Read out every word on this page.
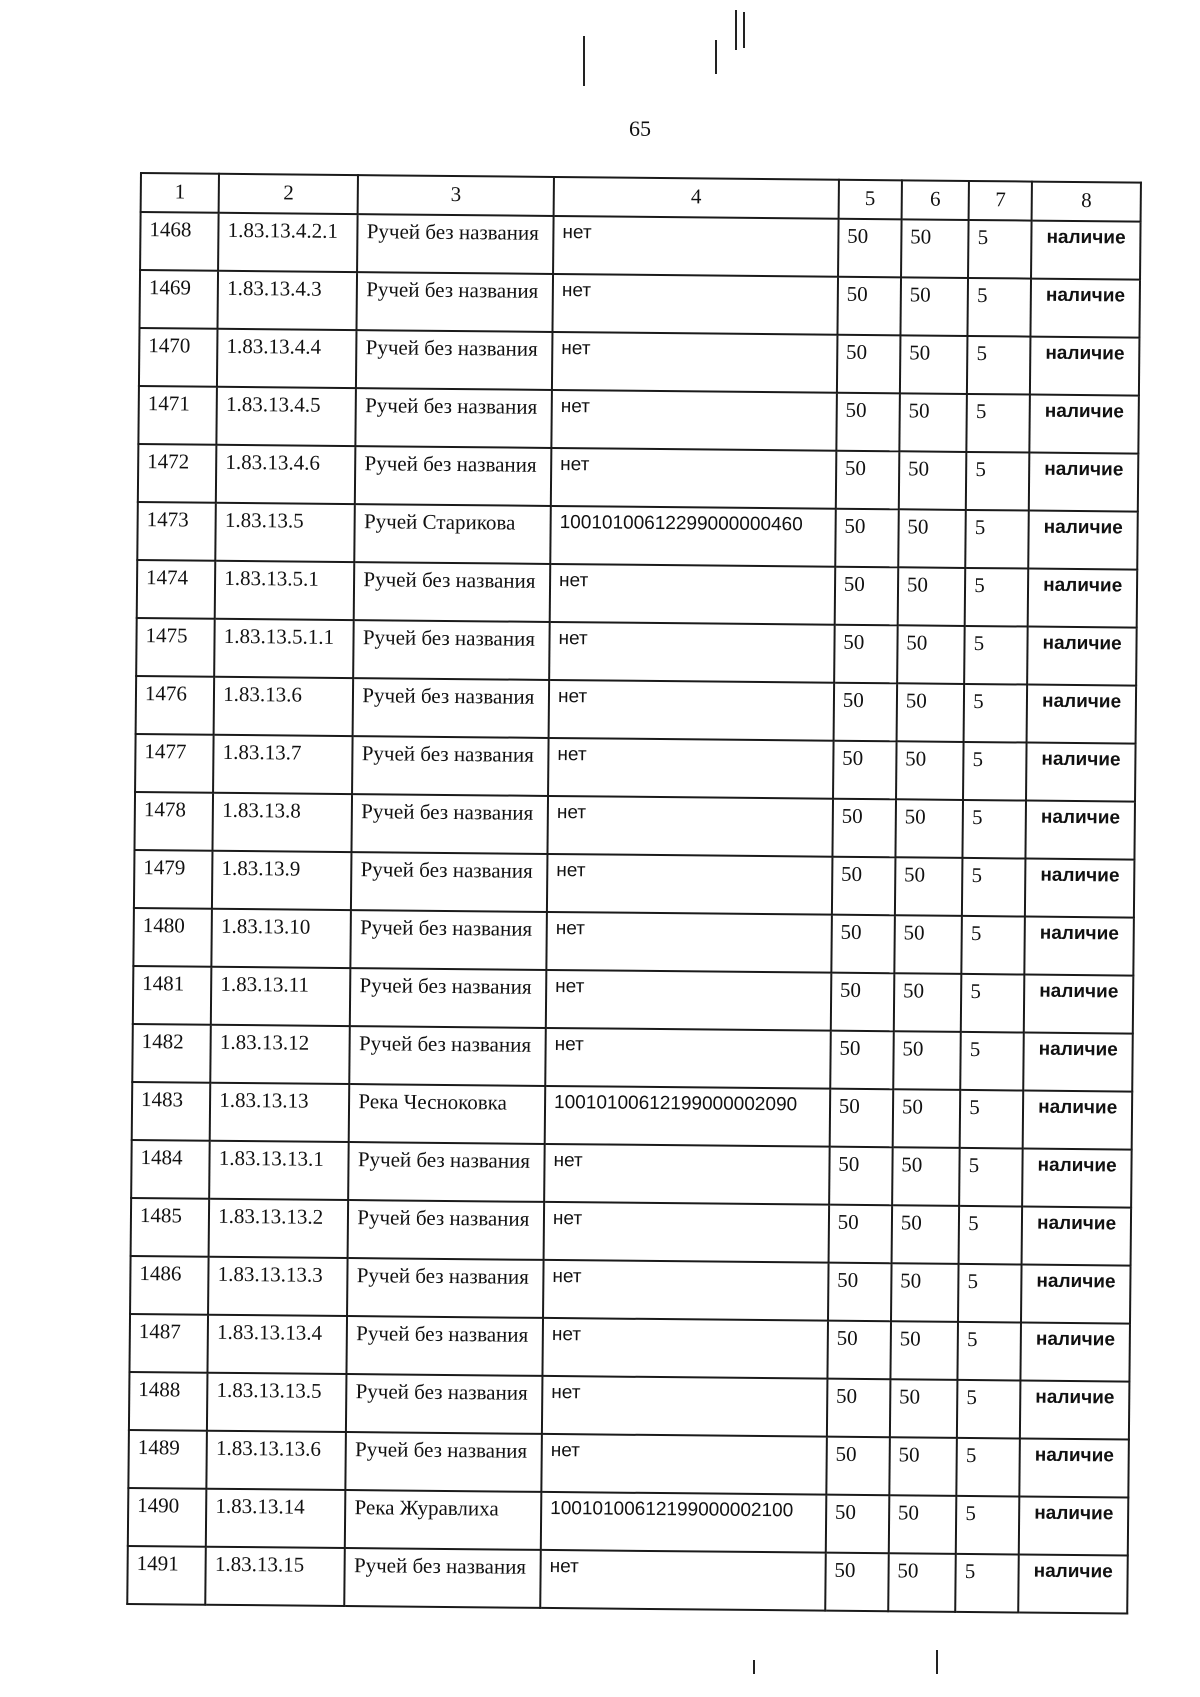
65
1	2	3	4	5	6	7	8
1468	1.83.13.4.2.1	Ручей без названия	нет	50	50	5	наличие
1469	1.83.13.4.3	Ручей без названия	нет	50	50	5	наличие
1470	1.83.13.4.4	Ручей без названия	нет	50	50	5	наличие
1471	1.83.13.4.5	Ручей без названия	нет	50	50	5	наличие
1472	1.83.13.4.6	Ручей без названия	нет	50	50	5	наличие
1473	1.83.13.5	Ручей Старикова	10010100612299000000460	50	50	5	наличие
1474	1.83.13.5.1	Ручей без названия	нет	50	50	5	наличие
1475	1.83.13.5.1.1	Ручей без названия	нет	50	50	5	наличие
1476	1.83.13.6	Ручей без названия	нет	50	50	5	наличие
1477	1.83.13.7	Ручей без названия	нет	50	50	5	наличие
1478	1.83.13.8	Ручей без названия	нет	50	50	5	наличие
1479	1.83.13.9	Ручей без названия	нет	50	50	5	наличие
1480	1.83.13.10	Ручей без названия	нет	50	50	5	наличие
1481	1.83.13.11	Ручей без названия	нет	50	50	5	наличие
1482	1.83.13.12	Ручей без названия	нет	50	50	5	наличие
1483	1.83.13.13	Река Чесноковка	10010100612199000002090	50	50	5	наличие
1484	1.83.13.13.1	Ручей без названия	нет	50	50	5	наличие
1485	1.83.13.13.2	Ручей без названия	нет	50	50	5	наличие
1486	1.83.13.13.3	Ручей без названия	нет	50	50	5	наличие
1487	1.83.13.13.4	Ручей без названия	нет	50	50	5	наличие
1488	1.83.13.13.5	Ручей без названия	нет	50	50	5	наличие
1489	1.83.13.13.6	Ручей без названия	нет	50	50	5	наличие
1490	1.83.13.14	Река Журавлиха	10010100612199000002100	50	50	5	наличие
1491	1.83.13.15	Ручей без названия	нет	50	50	5	наличие
